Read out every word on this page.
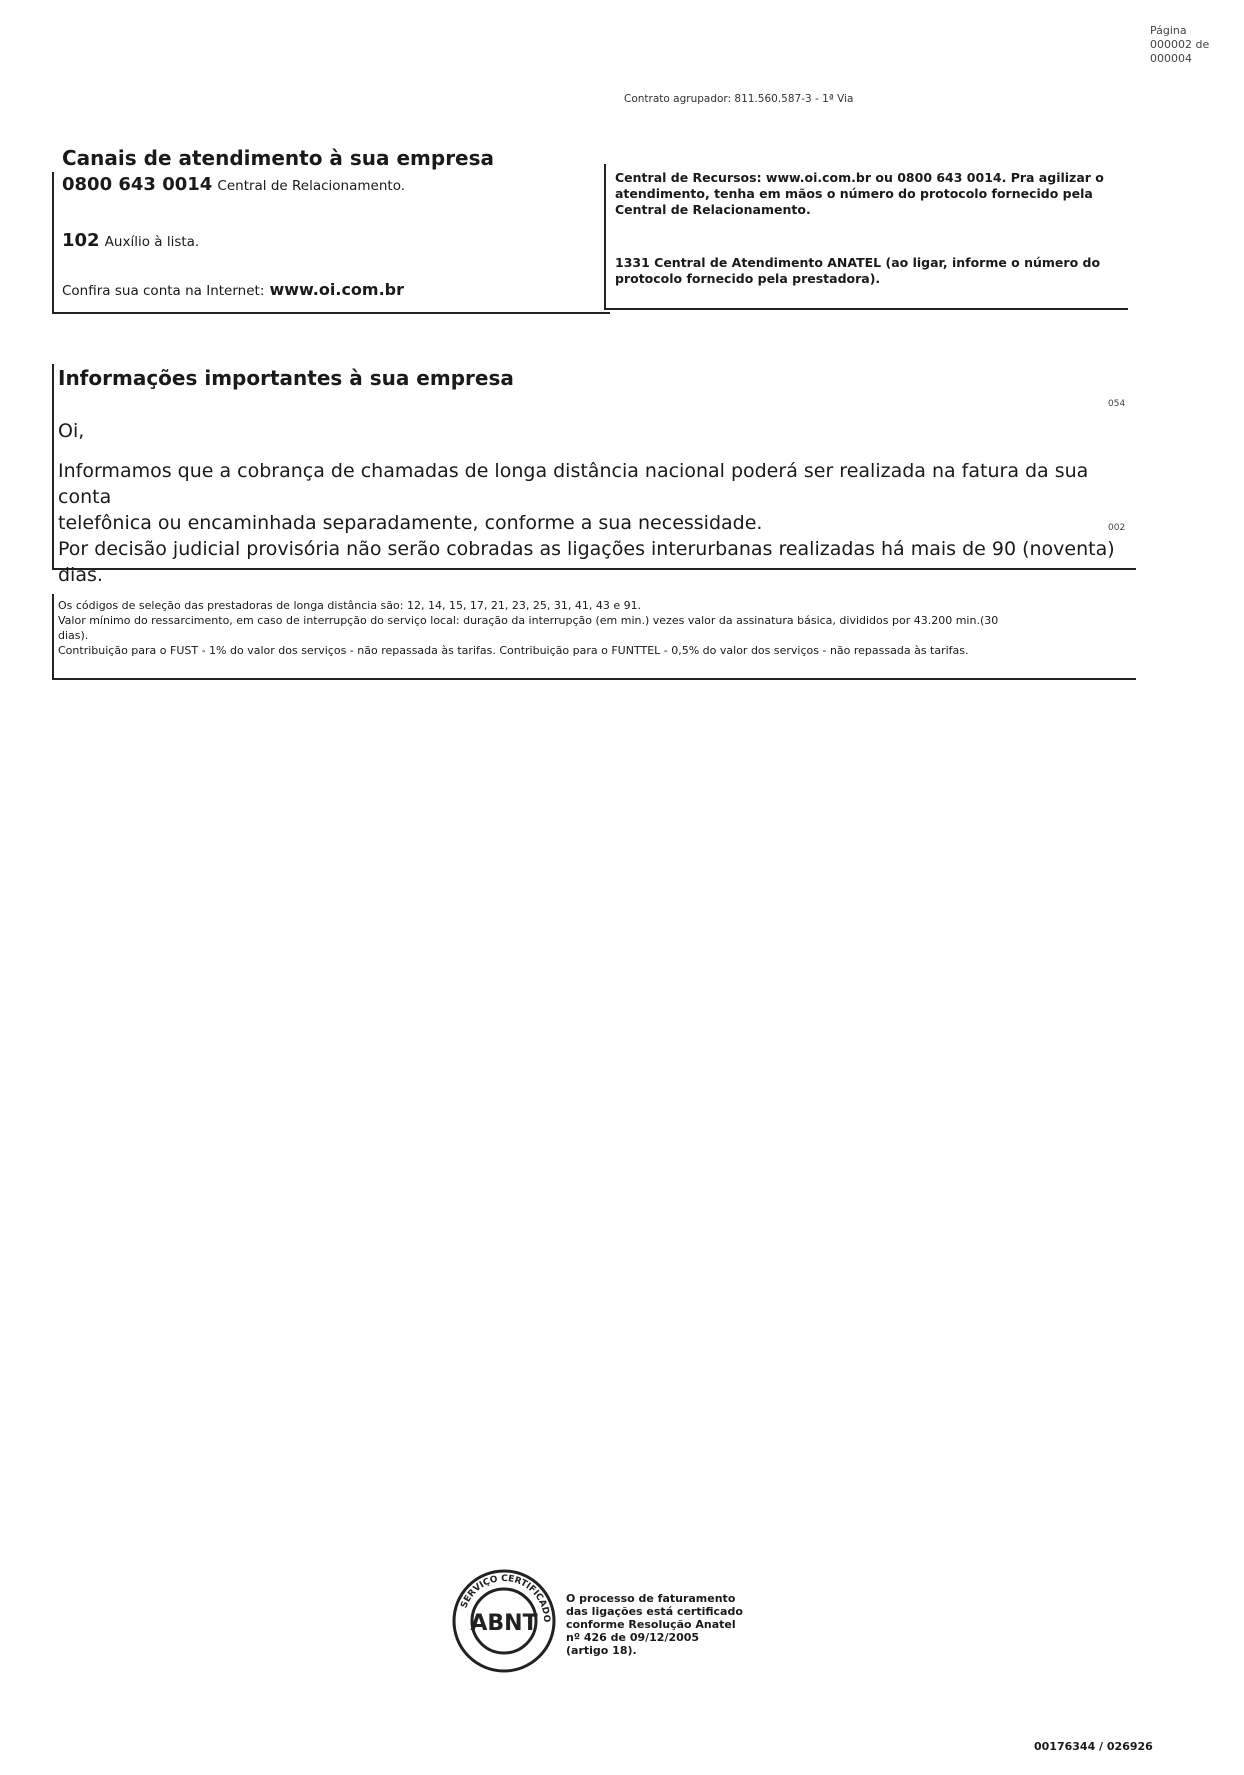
Página
000002 de
000004
Contrato agrupador: 811.560.587-3 - 1ª Via
Canais de atendimento à sua empresa
0800 643 0014 Central de Relacionamento.
102 Auxílio à lista.
Confira sua conta na Internet: www.oi.com.br
Central de Recursos: www.oi.com.br ou 0800 643 0014. Pra agilizar o
atendimento, tenha em mãos o número do protocolo fornecido pela
Central de Relacionamento.
1331 Central de Atendimento ANATEL (ao ligar, informe o número do
protocolo fornecido pela prestadora).
Informações importantes à sua empresa
054
Oi,
Informamos que a cobrança de chamadas de longa distância nacional poderá ser realizada na fatura da sua conta
telefônica ou encaminhada separadamente, conforme a sua necessidade.	002
Por decisão judicial provisória não serão cobradas as ligações interurbanas realizadas há mais de 90 (noventa) dias.
Os códigos de seleção das prestadoras de longa distância são: 12, 14, 15, 17, 21, 23, 25, 31, 41, 43 e 91.
Valor mínimo do ressarcimento, em caso de interrupção do serviço local: duração da interrupção (em min.) vezes valor da assinatura básica, divididos por 43.200 min.(30
dias).
Contribuição para o FUST - 1% do valor dos serviços - não repassada às tarifas. Contribuição para o FUNTTEL - 0,5% do valor dos serviços - não repassada às tarifas.
SERVIÇO CERTIFICADO
ABNT
O processo de faturamento
das ligações está certificado
conforme Resolução Anatel
nº 426 de 09/12/2005
(artigo 18).
00176344 / 026926
